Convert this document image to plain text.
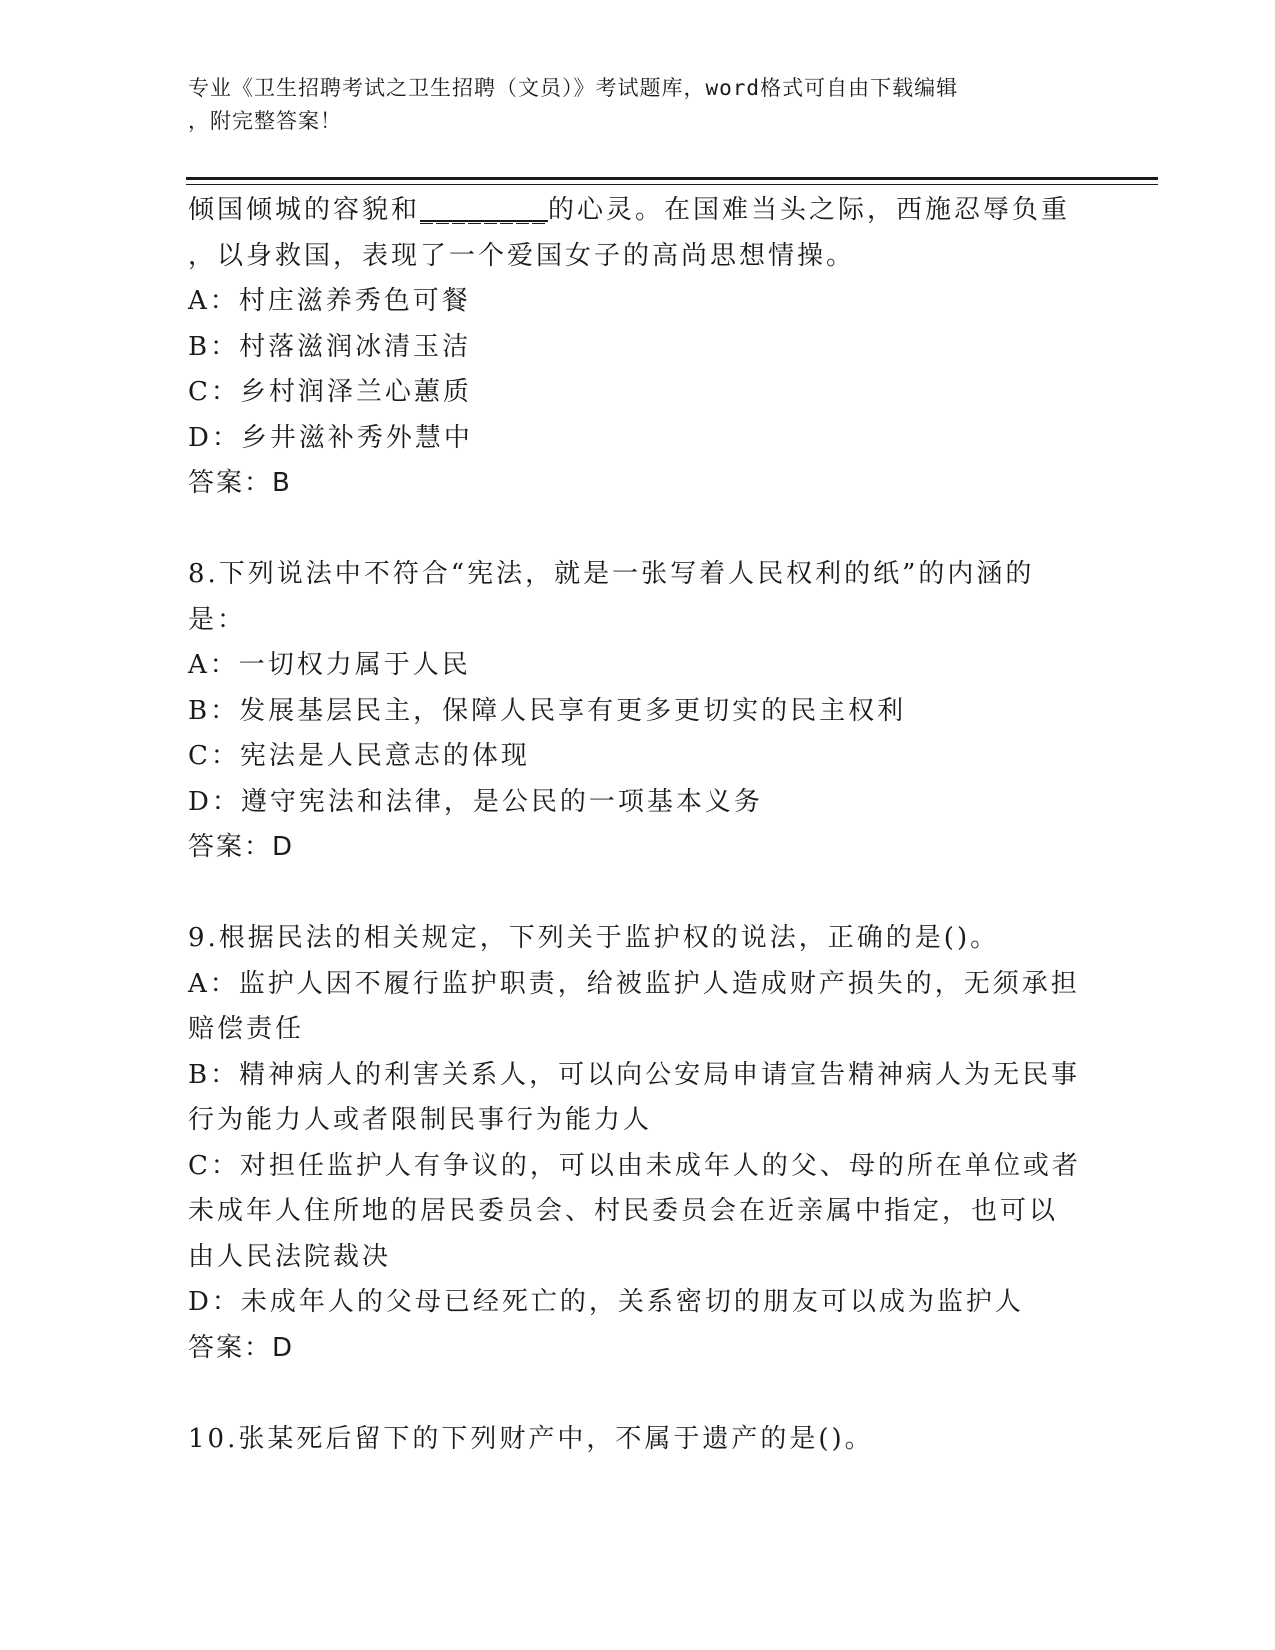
专业《卫生招聘考试之卫生招聘（文员）》考试题库，word格式可自由下载编辑
，附完整答案！

倾国倾城的容貌和________的心灵。在国难当头之际，西施忍辱负重

，以身救国，表现了一个爱国女子的高尚思想情操。

A：村庄滋养秀色可餐

B：村落滋润冰清玉洁

C：乡村润泽兰心蕙质

D：乡井滋补秀外慧中

答案：B

8.下列说法中不符合“宪法，就是一张写着人民权利的纸”的内涵的

是：

A：一切权力属于人民

B：发展基层民主，保障人民享有更多更切实的民主权利

C：宪法是人民意志的体现

D：遵守宪法和法律，是公民的一项基本义务

答案：D

9.根据民法的相关规定，下列关于监护权的说法，正确的是()。

A：监护人因不履行监护职责，给被监护人造成财产损失的，无须承担

赔偿责任

B：精神病人的利害关系人，可以向公安局申请宣告精神病人为无民事

行为能力人或者限制民事行为能力人

C：对担任监护人有争议的，可以由未成年人的父、母的所在单位或者

未成年人住所地的居民委员会、村民委员会在近亲属中指定，也可以

由人民法院裁决

D：未成年人的父母已经死亡的，关系密切的朋友可以成为监护人

答案：D

10.张某死后留下的下列财产中，不属于遗产的是()。
